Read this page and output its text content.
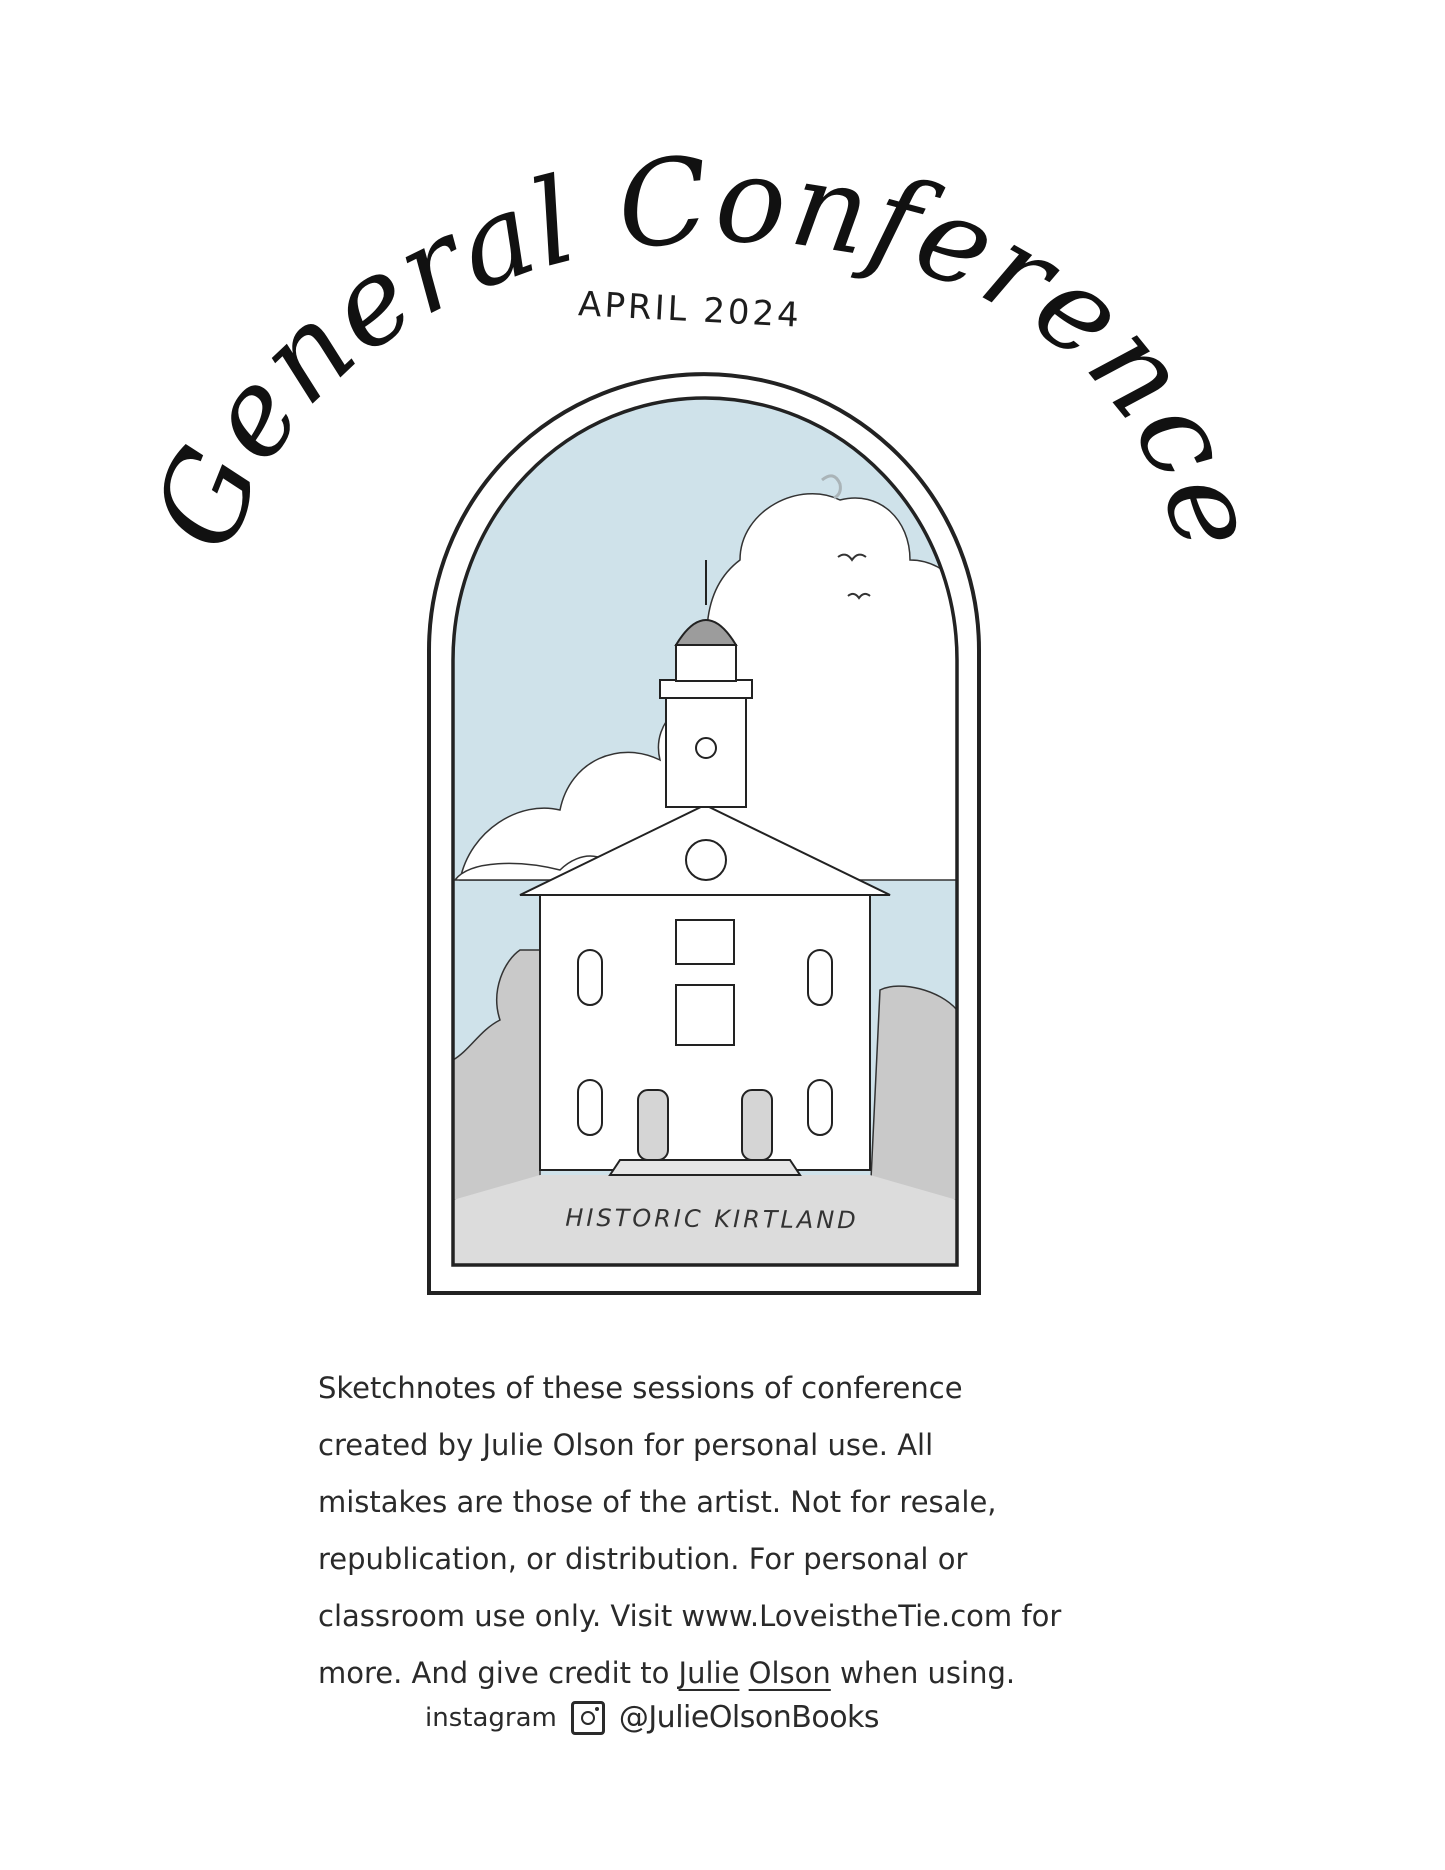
General Conference
APRIL 2024
HISTORIC KIRTLAND
Sketchnotes of these sessions of conference
created by Julie Olson for personal use. All
mistakes are those of the artist. Not for resale,
republication, or distribution. For personal or
classroom use only. Visit www.LoveistheTie.com for
more. And give credit to Julie Olson when using.
instagram @JulieOlsonBooks
